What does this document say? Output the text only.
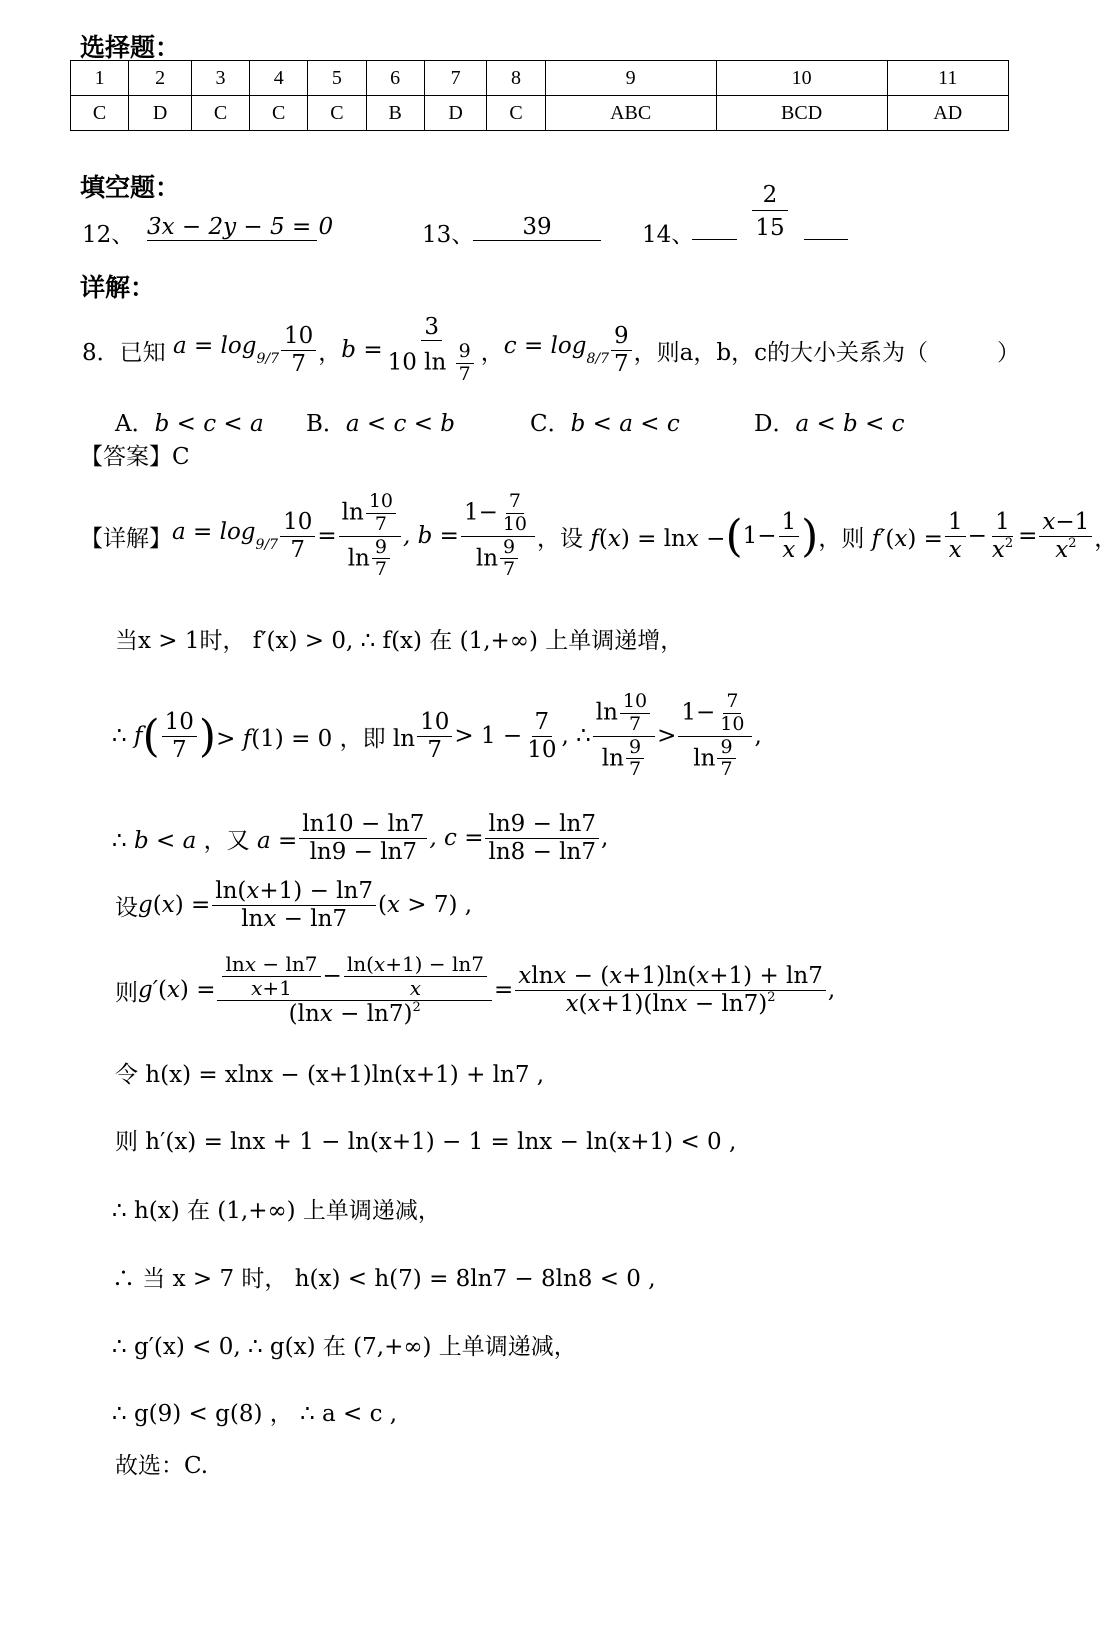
选择题：
1	2	3	4	5	6	7	8	9	10	11
C	D	C	C	C	B	D	C	ABC	BCD	AD
填空题：
12、 3x − 2y − 5 = 0	13、	39	14、	$\frac{2}{15}$
详解：
8． 已知 $a = \log_{9/7}$
10
7 ， $b = \frac{3}{10 \ln \frac{9}{7}}$ ， $c = \log_{8/7}$
9
7 ，则a，b，c的大小关系为（　　　）
A．b < c < a B．a < c < b	C．b < a < c	D．a < b < c
【答案】C
【详解】 $a = \log_{9/7} \frac{10}{7} = \frac{\ln \frac{10}{7}}{\ln \frac{9}{7}}$ , $b = \frac{1- \frac{7}{10}}{\ln \frac{9}{7}}$ ，设 f(x) = lnx − ( $1- \frac{1}{x}$ ) ，则 $f'(x) = \frac{1}{x} - \frac{1}{x^2} = \frac{x-1}{x^2}$ ，
当x > 1时， f′(x) > 0, ∴ f(x) 在 (1,+∞) 上单调递增，
∴ f ( 10
7 ) > f(1) = 0 ，即 ln
10
7
> $1 - \frac{7}{10}$ , ∴
$\ln \frac{10}{7}$
$\ln \frac{9}{7}$
>
$1- \frac{7}{10}$
$\ln \frac{9}{7}$
,
∴ b < a ，又 $a = \frac{\ln 10 - \ln 7}{\ln 9 - \ln 7}$ , $c = \frac{\ln 9 - \ln 7}{\ln 8 - \ln 7}$ ,
设 $g(x) = \frac{\ln(x+1) - \ln 7}{\ln x - \ln 7} (x > 7)$ ,
则 g′(x) = lnx − ln7
$x+1 - \frac{\ln(x+1) - \ln 7}{x}$
$(\ln x - \ln 7)^2 = \frac{xlnx - (x+1)\ln(x+1) + \ln 7}{x(x+1)(\ln x - \ln 7)^2}$ ,
令 h(x) = xlnx − (x+1)ln(x+1) + ln7 ,
则 h′(x) = lnx + 1 − ln(x+1) − 1 = lnx − ln(x+1) < 0 ,
∴ h(x) 在 (1,+∞) 上单调递减，
∴ 当 x > 7 时， h(x) < h(7) = 8ln7 − 8ln8 < 0 ,
∴ g′(x) < 0, ∴ g(x) 在 (7,+∞) 上单调递减，
∴ g(9) < g(8) ， ∴ a < c ,
故选：C.
